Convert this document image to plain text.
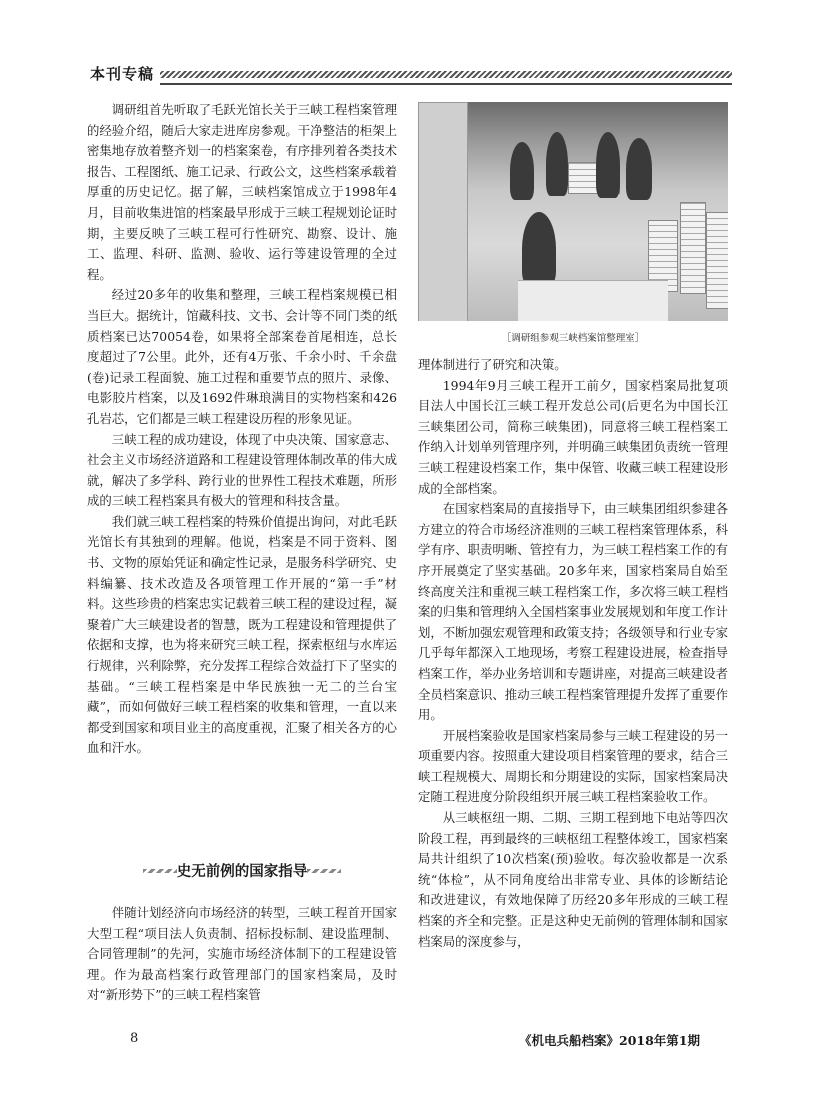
本刊专稿

调研组首先听取了毛跃光馆长关于三峡工程档案管理的经验介绍，随后大家走进库房参观。干净整洁的柜架上密集地存放着整齐划一的档案案卷，有序排列着各类技术报告、工程图纸、施工记录、行政公文，这些档案承载着厚重的历史记忆。据了解，三峡档案馆成立于1998年4月，目前收集进馆的档案最早形成于三峡工程规划论证时期，主要反映了三峡工程可行性研究、勘察、设计、施工、监理、科研、监测、验收、运行等建设管理的全过程。

经过20多年的收集和整理，三峡工程档案规模已相当巨大。据统计，馆藏科技、文书、会计等不同门类的纸质档案已达70054卷，如果将全部案卷首尾相连，总长度超过了7公里。此外，还有4万张、千余小时、千余盘(卷)记录工程面貌、施工过程和重要节点的照片、录像、电影胶片档案，以及1692件琳琅满目的实物档案和426孔岩芯，它们都是三峡工程建设历程的形象见证。

三峡工程的成功建设，体现了中央决策、国家意志、社会主义市场经济道路和工程建设管理体制改革的伟大成就，解决了多学科、跨行业的世界性工程技术难题，所形成的三峡工程档案具有极大的管理和科技含量。

我们就三峡工程档案的特殊价值提出询问，对此毛跃光馆长有其独到的理解。他说，档案是不同于资料、图书、文物的原始凭证和确定性记录，是服务科学研究、史料编纂、技术改造及各项管理工作开展的“第一手”材料。这些珍贵的档案忠实记载着三峡工程的建设过程，凝聚着广大三峡建设者的智慧，既为工程建设和管理提供了依据和支撑，也为将来研究三峡工程，探索枢纽与水库运行规律，兴利除弊，充分发挥工程综合效益打下了坚实的基础。“三峡工程档案是中华民族独一无二的兰台宝藏”，而如何做好三峡工程档案的收集和管理，一直以来都受到国家和项目业主的高度重视，汇聚了相关各方的心血和汗水。

史无前例的国家指导

伴随计划经济向市场经济的转型，三峡工程首开国家大型工程“项目法人负责制、招标投标制、建设监理制、合同管理制”的先河，实施市场经济体制下的工程建设管理。作为最高档案行政管理部门的国家档案局，及时对“新形势下”的三峡工程档案管

［调研组参观三峡档案馆整理室］

理体制进行了研究和决策。

1994年9月三峡工程开工前夕，国家档案局批复项目法人中国长江三峡工程开发总公司(后更名为中国长江三峡集团公司，简称三峡集团)，同意将三峡工程档案工作纳入计划单列管理序列，并明确三峡集团负责统一管理三峡工程建设档案工作，集中保管、收藏三峡工程建设形成的全部档案。

在国家档案局的直接指导下，由三峡集团组织参建各方建立的符合市场经济准则的三峡工程档案管理体系，科学有序、职责明晰、管控有力，为三峡工程档案工作的有序开展奠定了坚实基础。20多年来，国家档案局自始至终高度关注和重视三峡工程档案工作，多次将三峡工程档案的归集和管理纳入全国档案事业发展规划和年度工作计划，不断加强宏观管理和政策支持；各级领导和行业专家几乎每年都深入工地现场，考察工程建设进展，检查指导档案工作，举办业务培训和专题讲座，对提高三峡建设者全员档案意识、推动三峡工程档案管理提升发挥了重要作用。

开展档案验收是国家档案局参与三峡工程建设的另一项重要内容。按照重大建设项目档案管理的要求，结合三峡工程规模大、周期长和分期建设的实际，国家档案局决定随工程进度分阶段组织开展三峡工程档案验收工作。

从三峡枢纽一期、二期、三期工程到地下电站等四次阶段工程，再到最终的三峡枢纽工程整体竣工，国家档案局共计组织了10次档案(预)验收。每次验收都是一次系统“体检”，从不同角度给出非常专业、具体的诊断结论和改进建议，有效地保障了历经20多年形成的三峡工程档案的齐全和完整。正是这种史无前例的管理体制和国家档案局的深度参与，

8	《机电兵船档案》2018年第1期
